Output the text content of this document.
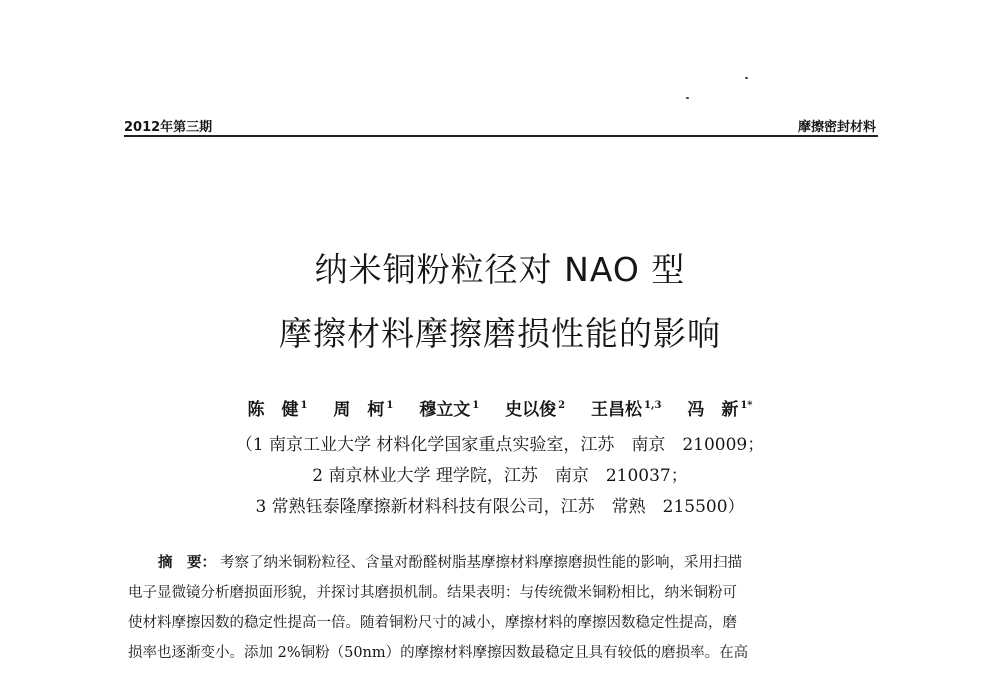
2012年第三期	摩擦密封材料
纳米铜粉粒径对 NAO 型
摩擦材料摩擦磨损性能的影响
陈　健 $^1$ 周　柯 $^1$ 穆立文 $^1$ 史以俊 $^2$ 王昌松 $^{1,3}$ 冯　新 $^{1*}$
（1 南京工业大学 材料化学国家重点实验室，江苏　南京　210009；
2 南京林业大学 理学院，江苏　南京　210037；
3 常熟钰泰隆摩擦新材料科技有限公司，江苏　常熟　215500）
摘　要： 考察了纳米铜粉粒径、含量对酚醛树脂基摩擦材料摩擦磨损性能的影响，采用扫描
电子显微镜分析磨损面形貌，并探讨其磨损机制。结果表明：与传统微米铜粉相比，纳米铜粉可
使材料摩擦因数的稳定性提高一倍。随着铜粉尺寸的减小，摩擦材料的摩擦因数稳定性提高，磨
损率也逐渐变小。添加 2%铜粉（50nm）的摩擦材料摩擦因数最稳定且具有较低的磨损率。在高
